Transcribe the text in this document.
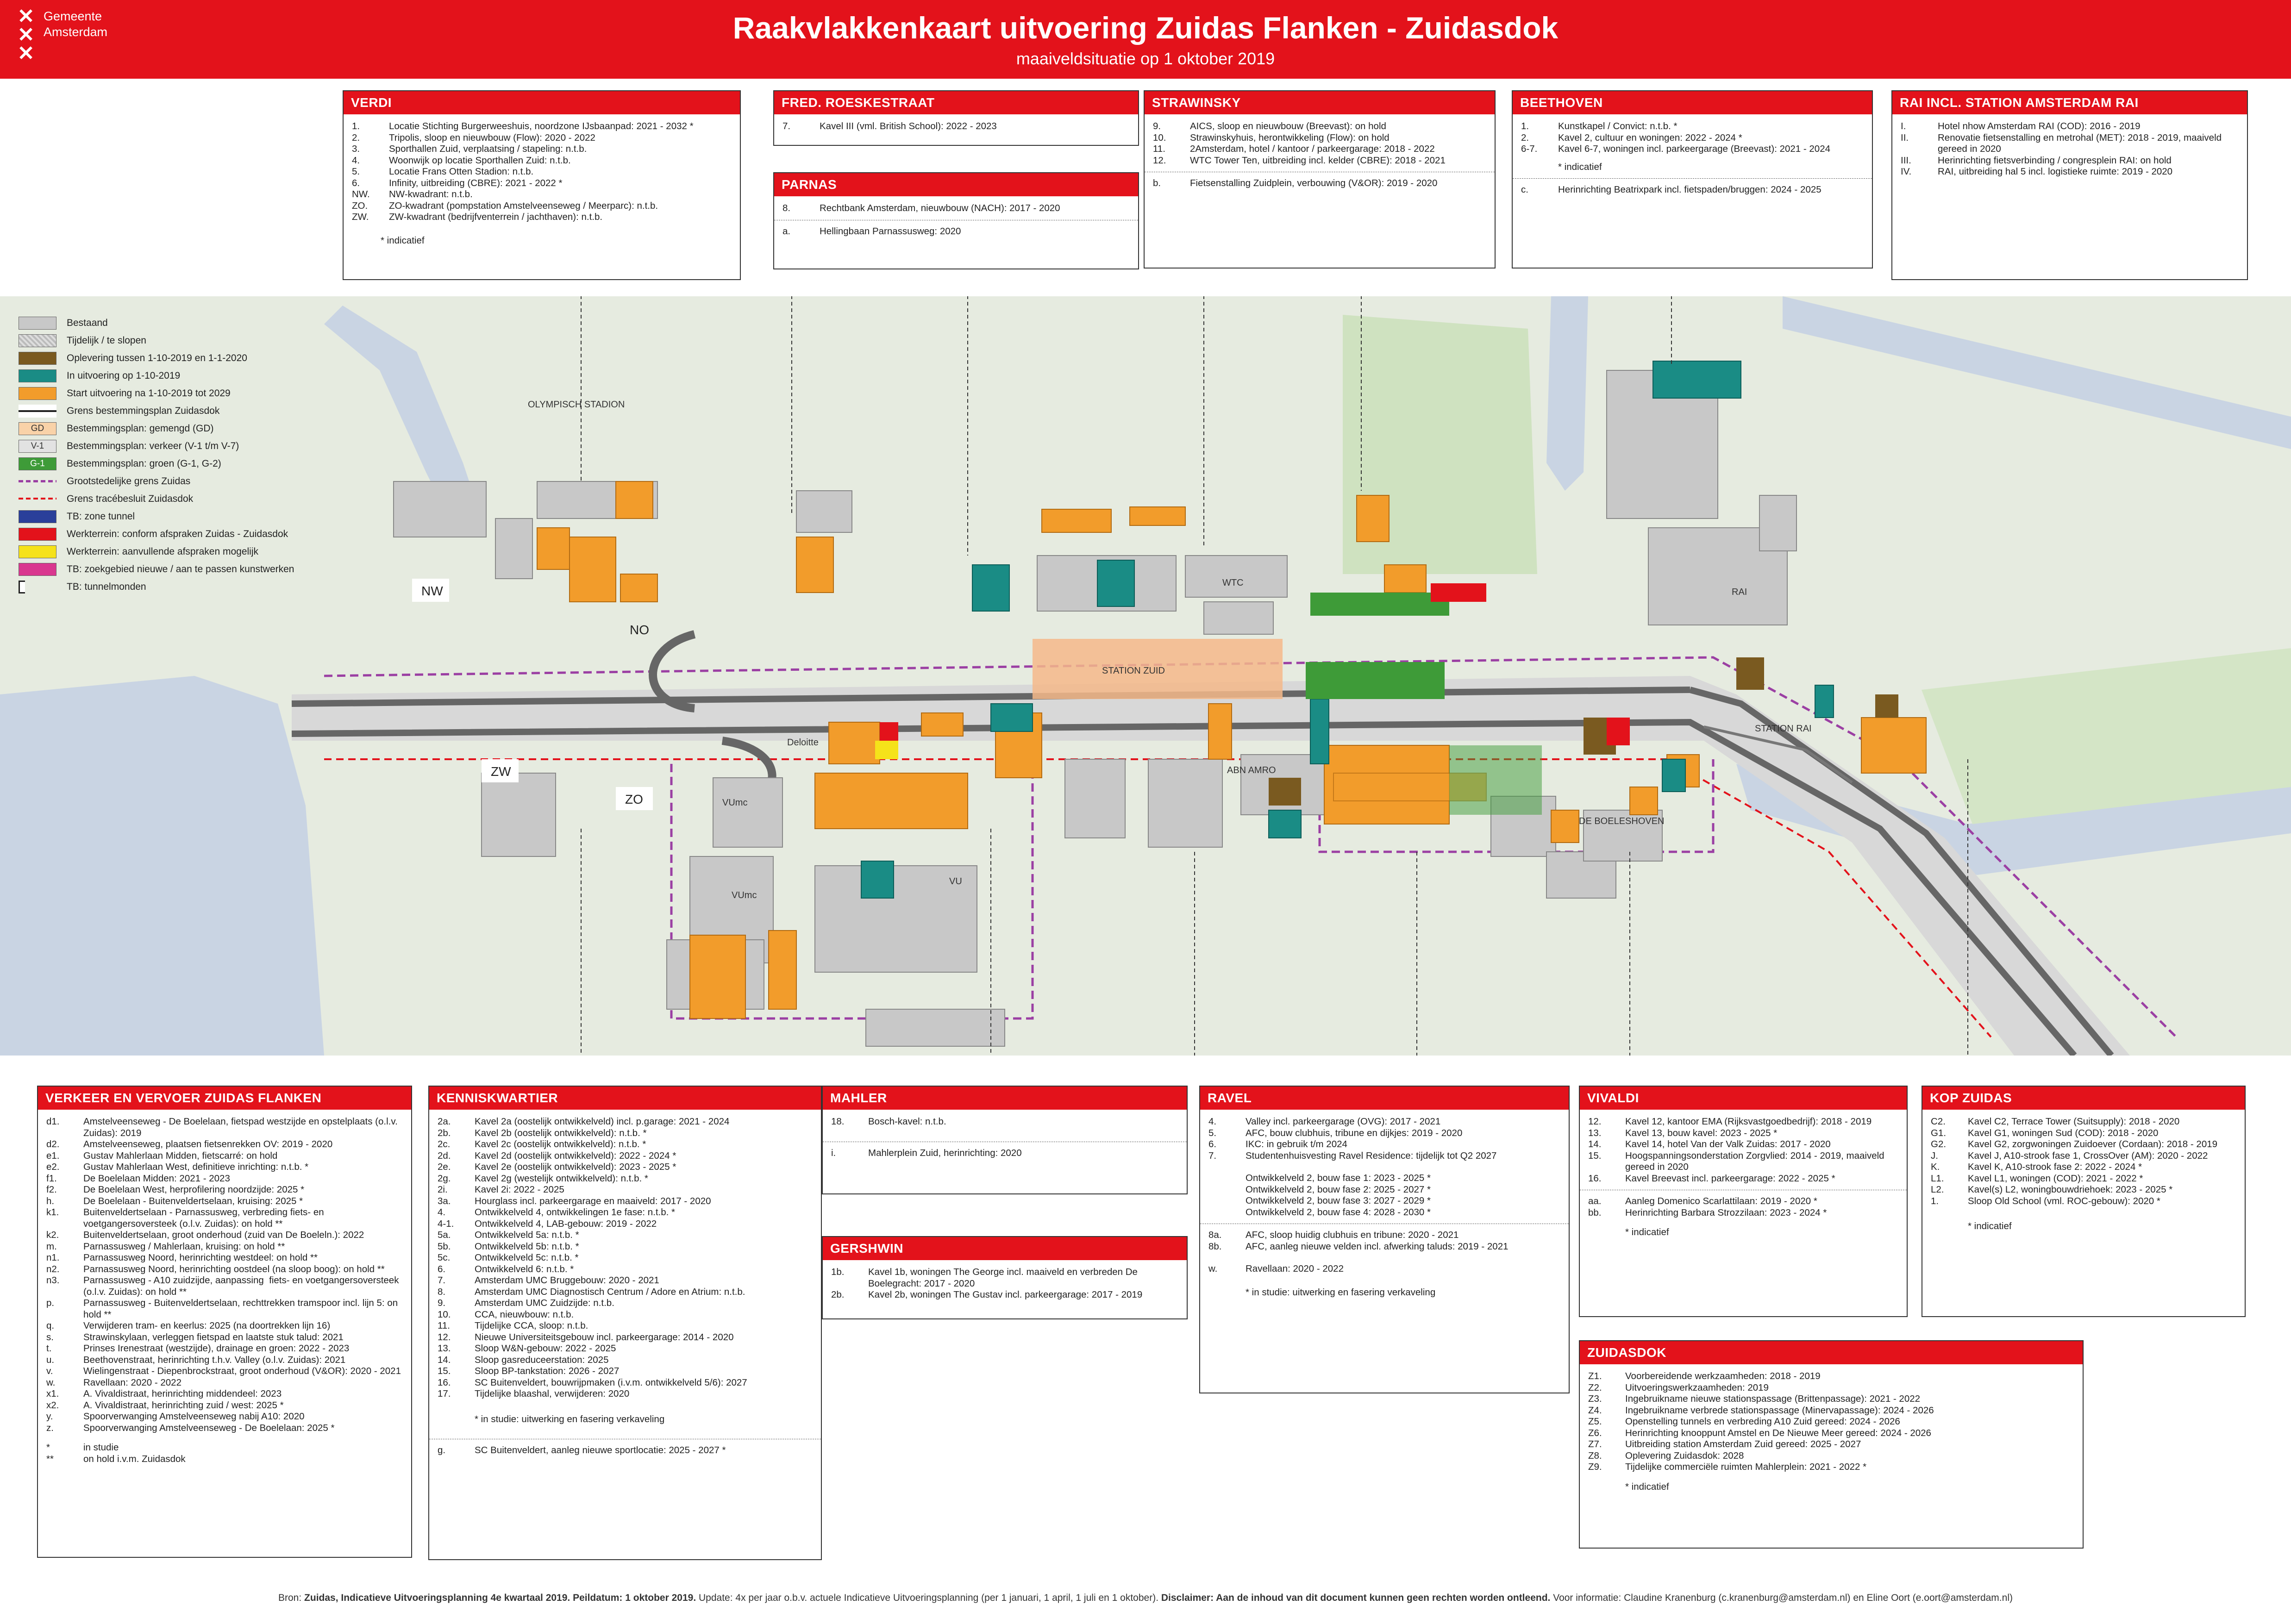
✕
✕
✕
Gemeente
Amsterdam	Raakvlakkenkaart uitvoering Zuidas Flanken - Zuidasdok
maaiveldsituatie op 1 oktober 2019
OLYMPISCH STADION
STATION ZUID
WTC
RAI
ABN AMRO
VUmc
VUmc
VU
Deloitte
DE BOELESHOVEN
STATION RAI
NW
NO
ZW
ZO
Bestaand
Tijdelijk / te slopen
Oplevering tussen 1-10-2019 en 1-1-2020
In uitvoering op 1-10-2019
Start uitvoering na 1-10-2019 tot 2029
Grens bestemmingsplan Zuidasdok
GD	Bestemmingsplan: gemengd (GD)
V-1	Bestemmingsplan: verkeer (V-1 t/m V-7)
G-1	Bestemmingsplan: groen (G-1, G-2)
Grootstedelijke grens Zuidas
Grens tracébesluit Zuidasdok
TB: zone tunnel
Werkterrein: conform afspraken Zuidas - Zuidasdok
Werkterrein: aanvullende afspraken mogelijk
TB: zoekgebied nieuwe / aan te passen kunstwerken
TB: tunnelmonden
VERDI
1.	Locatie Stichting Burgerweeshuis, noordzone IJsbaanpad: 2021 - 2032 *
2.	Tripolis, sloop en nieuwbouw (Flow): 2020 - 2022
3.	Sporthallen Zuid, verplaatsing / stapeling: n.t.b.
4.	Woonwijk op locatie Sporthallen Zuid: n.t.b.
5.	Locatie Frans Otten Stadion: n.t.b.
6.	Infinity, uitbreiding (CBRE): 2021 - 2022 *
NW.	NW-kwadrant: n.t.b.
ZO.	ZO-kwadrant (pompstation Amstelveenseweg / Meerparc): n.t.b.
ZW.	ZW-kwadrant (bedrijfventerrein / jachthaven): n.t.b.
* indicatief
FRED. ROESKESTRAAT
7.	Kavel III (vml. British School): 2022 - 2023
PARNAS
8.	Rechtbank Amsterdam, nieuwbouw (NACH): 2017 - 2020
a.	Hellingbaan Parnassusweg: 2020
STRAWINSKY
9.	AICS, sloop en nieuwbouw (Breevast): on hold
10.	Strawinskyhuis, herontwikkeling (Flow): on hold
11.	2Amsterdam, hotel / kantoor / parkeergarage: 2018 - 2022
12.	WTC Tower Ten, uitbreiding incl. kelder (CBRE): 2018 - 2021
b.	Fietsenstalling Zuidplein, verbouwing (V&OR): 2019 - 2020
BEETHOVEN
1.	Kunstkapel / Convict: n.t.b. *
2.	Kavel 2, cultuur en woningen: 2022 - 2024 *
6-7.	Kavel 6-7, woningen incl. parkeergarage (Breevast): 2021 - 2024
* indicatief
c.	Herinrichting Beatrixpark incl. fietspaden/bruggen: 2024 - 2025
RAI INCL. STATION AMSTERDAM RAI
I.	Hotel nhow Amsterdam RAI (COD): 2016 - 2019
II.	Renovatie fietsenstalling en metrohal (MET): 2018 - 2019, maaiveld gereed in 2020
III.	Herinrichting fietsverbinding / congresplein RAI: on hold
IV.	RAI, uitbreiding hal 5 incl. logistieke ruimte: 2019 - 2020
VERKEER EN VERVOER ZUIDAS FLANKEN
d1.	Amstelveenseweg - De Boelelaan, fietspad westzijde en opstelplaats (o.l.v. Zuidas): 2019
d2.	Amstelveenseweg, plaatsen fietsenrekken OV: 2019 - 2020
e1.	Gustav Mahlerlaan Midden, fietscarré: on hold
e2.	Gustav Mahlerlaan West, definitieve inrichting: n.t.b. *
f1.	De Boelelaan Midden: 2021 - 2023
f2.	De Boelelaan West, herprofilering noordzijde: 2025 *
h.	De Boelelaan - Buitenveldertselaan, kruising: 2025 *
k1.	Buitenveldertselaan - Parnassusweg, verbreding fiets- en voetgangersoversteek (o.l.v. Zuidas): on hold **
k2.	Buitenveldertselaan, groot onderhoud (zuid van De Boeleln.): 2022
m.	Parnassusweg / Mahlerlaan, kruising: on hold **
n1.	Parnassusweg Noord, herinrichting westdeel: on hold **
n2.	Parnassusweg Noord, herinrichting oostdeel (na sloop boog): on hold **
n3.	Parnassusweg - A10 zuidzijde, aanpassing  fiets- en voetgangersoversteek (o.l.v. Zuidas): on hold **
p.	Parnassusweg - Buitenveldertselaan, rechttrekken tramspoor incl. lijn 5: on hold **
q.	Verwijderen tram- en keerlus: 2025 (na doortrekken lijn 16)
s.	Strawinskylaan, verleggen fietspad en laatste stuk talud: 2021
t.	Prinses Irenestraat (westzijde), drainage en groen: 2022 - 2023
u.	Beethovenstraat, herinrichting t.h.v. Valley (o.l.v. Zuidas): 2021
v.	Wielingenstraat - Diepenbrockstraat, groot onderhoud (V&OR): 2020 - 2021
w.	Ravellaan: 2020 - 2022
x1.	A. Vivaldistraat, herinrichting middendeel: 2023
x2.	A. Vivaldistraat, herinrichting zuid / west: 2025 *
y.	Spoorverwanging Amstelveenseweg nabij A10: 2020
z.	Spoorverwanging Amstelveenseweg - De Boelelaan: 2025 *
*	in studie
**	on hold i.v.m. Zuidasdok
KENNISKWARTIER
2a.	Kavel 2a (oostelijk ontwikkelveld) incl. p.garage: 2021 - 2024
2b.	Kavel 2b (oostelijk ontwikkelveld): n.t.b. *
2c.	Kavel 2c (oostelijk ontwikkelveld): n.t.b. *
2d.	Kavel 2d (oostelijk ontwikkelveld): 2022 - 2024 *
2e.	Kavel 2e (oostelijk ontwikkelveld): 2023 - 2025 *
2g.	Kavel 2g (westelijk ontwikkelveld): n.t.b. *
2i.	Kavel 2i: 2022 - 2025
3a.	Hourglass incl. parkeergarage en maaiveld: 2017 - 2020
4.	Ontwikkelveld 4, ontwikkelingen 1e fase: n.t.b. *
4-1.	Ontwikkelveld 4, LAB-gebouw: 2019 - 2022
5a.	Ontwikkelveld 5a: n.t.b. *
5b.	Ontwikkelveld 5b: n.t.b. *
5c.	Ontwikkelveld 5c: n.t.b. *
6.	Ontwikkelveld 6: n.t.b. *
7.	Amsterdam UMC Bruggebouw: 2020 - 2021
8.	Amsterdam UMC Diagnostisch Centrum / Adore en Atrium: n.t.b.
9.	Amsterdam UMC Zuidzijde: n.t.b.
10.	CCA, nieuwbouw: n.t.b.
11.	Tijdelijke CCA, sloop: n.t.b.
12.	Nieuwe Universiteitsgebouw incl. parkeergarage: 2014 - 2020
13.	Sloop W&N-gebouw: 2022 - 2025
14.	Sloop gasreduceerstation: 2025
15.	Sloop BP-tankstation: 2026 - 2027
16.	SC Buitenveldert, bouwrijpmaken (i.v.m. ontwikkelveld 5/6): 2027
17.	Tijdelijke blaashal, verwijderen: 2020
* in studie: uitwerking en fasering verkaveling
g.	SC Buitenveldert, aanleg nieuwe sportlocatie: 2025 - 2027 *
MAHLER
18.	Bosch-kavel: n.t.b.
i.	Mahlerplein Zuid, herinrichting: 2020
GERSHWIN
1b.	Kavel 1b, woningen The George incl. maaiveld en verbreden De Boelegracht: 2017 - 2020
2b.	Kavel 2b, woningen The Gustav incl. parkeergarage: 2017 - 2019
RAVEL
4.	Valley incl. parkeergarage (OVG): 2017 - 2021
5.	AFC, bouw clubhuis, tribune en dijkjes: 2019 - 2020
6.	IKC: in gebruik t/m 2024
7.	Studentenhuisvesting Ravel Residence: tijdelijk tot Q2 2027
Ontwikkelveld 2, bouw fase 1: 2023 - 2025 *
Ontwikkelveld 2, bouw fase 2: 2025 - 2027 *
Ontwikkelveld 2, bouw fase 3: 2027 - 2029 *
Ontwikkelveld 2, bouw fase 4: 2028 - 2030 *
8a.	AFC, sloop huidig clubhuis en tribune: 2020 - 2021
8b.	AFC, aanleg nieuwe velden incl. afwerking taluds: 2019 - 2021
w.	Ravellaan: 2020 - 2022
* in studie: uitwerking en fasering verkaveling
VIVALDI
12.	Kavel 12, kantoor EMA (Rijksvastgoedbedrijf): 2018 - 2019
13.	Kavel 13, bouw kavel: 2023 - 2025 *
14.	Kavel 14, hotel Van der Valk Zuidas: 2017 - 2020
15.	Hoogspanningsonderstation Zorgvlied: 2014 - 2019, maaiveld gereed in 2020
16.	Kavel Breevast incl. parkeergarage: 2022 - 2025 *
aa.	Aanleg Domenico Scarlattilaan: 2019 - 2020 *
bb.	Herinrichting Barbara Strozzilaan: 2023 - 2024 *
* indicatief
KOP ZUIDAS
C2.	Kavel C2, Terrace Tower (Suitsupply): 2018 - 2020
G1.	Kavel G1, woningen Sud (COD): 2018 - 2020
G2.	Kavel G2, zorgwoningen Zuidoever (Cordaan): 2018 - 2019
J.	Kavel J, A10-strook fase 1, CrossOver (AM): 2020 - 2022
K.	Kavel K, A10-strook fase 2: 2022 - 2024 *
L1.	Kavel L1, woningen (COD): 2021 - 2022 *
L2.	Kavel(s) L2, woningbouwdriehoek: 2023 - 2025 *
1.	Sloop Old School (vml. ROC-gebouw): 2020 *
* indicatief
ZUIDASDOK
Z1.	Voorbereidende werkzaamheden: 2018 - 2019
Z2.	Uitvoeringswerkzaamheden: 2019
Z3.	Ingebruikname nieuwe stationspassage (Brittenpassage): 2021 - 2022
Z4.	Ingebruikname verbrede stationspassage (Minervapassage): 2024 - 2026
Z5.	Openstelling tunnels en verbreding A10 Zuid gereed: 2024 - 2026
Z6.	Herinrichting knooppunt Amstel en De Nieuwe Meer gereed: 2024 - 2026
Z7.	Uitbreiding station Amsterdam Zuid gereed: 2025 - 2027
Z8.	Oplevering Zuidasdok: 2028
Z9.	Tijdelijke commerciële ruimten Mahlerplein: 2021 - 2022 *
* indicatief
Bron: Zuidas, Indicatieve Uitvoeringsplanning 4e kwartaal 2019. Peildatum: 1 oktober 2019. Update: 4x per jaar o.b.v. actuele Indicatieve Uitvoeringsplanning (per 1 januari, 1 april, 1 juli en 1 oktober). Disclaimer: Aan de inhoud van dit document kunnen geen rechten worden ontleend. Voor informatie: Claudine Kranenburg (c.kranenburg@amsterdam.nl) en Eline Oort (e.oort@amsterdam.nl)
